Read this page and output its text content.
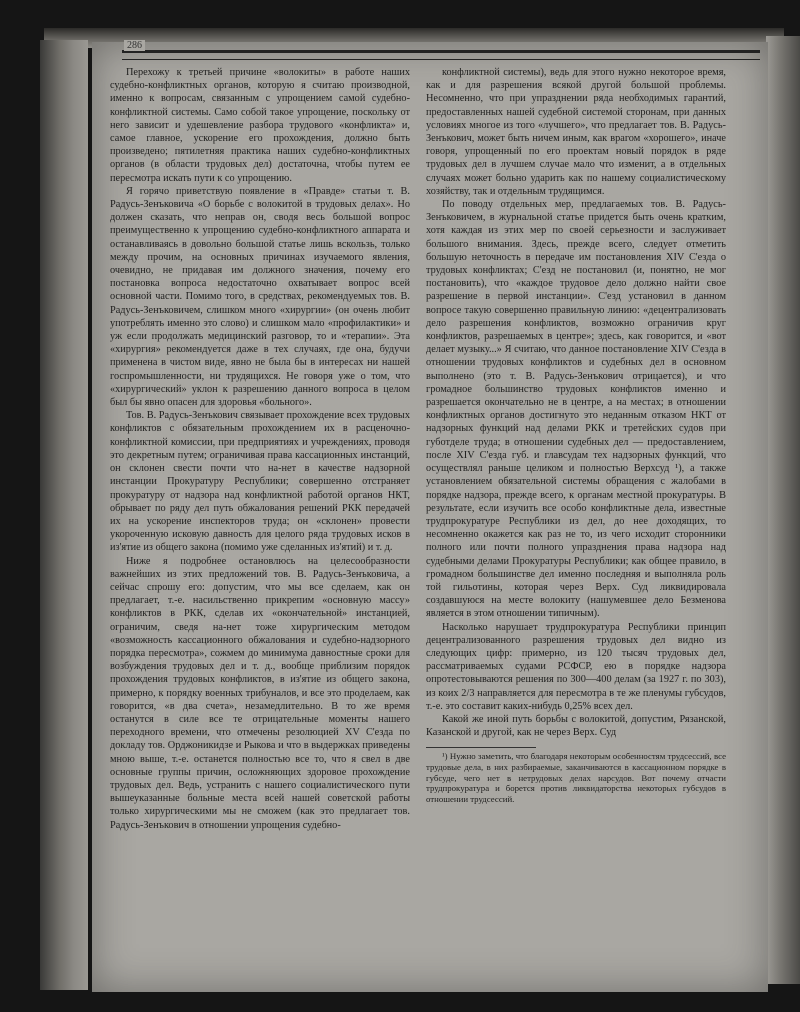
286

Перехожу к третьей причине «волокиты» в работе наших судебно-конфликтных органов, которую я считаю производной, именно к вопросам, связанным с упрощением самой судебно-конфликтной системы. Само собой такое упрощение, поскольку от него зависит и удешевление разбора трудового «конфликта» и, самое главное, ускорение его прохождения, должно быть произведено; пятилетняя практика наших судебно-конфликтных органов (в области трудовых дел) достаточна, чтобы путем ее пересмотра искать пути к со упрощению.

Я горячо приветствую появление в «Правде» статьи т. В. Радусь-Зенъковича «О борьбе с волокитой в трудовых делах». Но должен сказать, что неправ он, сводя весь большой вопрос преимущественно к упрощению судебно-конфликтного аппарата и останавливаясь в довольно большой статье лишь вскользь, только между прочим, на основных причинах изучаемого явления, очевидно, не придавая им должного значения, почему его постановка вопроса недостаточно охватывает вопрос всей основной части. Помимо того, в средствах, рекомендуемых тов. В. Радусь-Зенъковичем, слишком много «хирургии» (он очень любит употреблять именно это слово) и слишком мало «профилактики» и уж если продолжать медицинский разговор, то и «терапии». Эта «хирургия» рекомендуется даже в тех случаях, где она, будучи применена в чистом виде, явно не была бы в интересах ни нашей госпромышленности, ни трудящихся. Не говоря уже о том, что «хирургический» уклон к разрешению данного вопроса в целом был бы явно опасен для здоровья «больного».

Тов. В. Радусь-Зенъкович связывает прохождение всех трудовых конфликтов с обязательным прохождением их в расценочно-конфликтной комиссии, при предприятиях и учреждениях, проводя это декретным путем; ограничивая права кассационных инстанций, он склонен свести почти что на-нет в качестве надзорной инстанции Прокуратуру Республики; совершенно отстраняет прокуратуру от надзора над конфликтной работой органов НКТ, обрывает по ряду дел путь обжалования решений РКК передачей их на ускорение инспекторов труда; он «склонен» провести укороченную исковую давность для целого ряда трудовых исков в из'ятие из общего закона (помимо уже сделанных из'ятий) и т. д.

Ниже я подробнее остановлюсь на целесообразности важнейших из этих предложений тов. В. Радусь-Зенъковича, а сейчас спрошу его: допустим, что мы все сделаем, как он предлагает, т.-е. насильственно прикрепим «основную массу» конфликтов в РКК, сделав их «окончательной» инстанцией, ограничим, сведя на-нет тоже хирургическим методом «возможность кассационного обжалования и судебно-надзорного порядка пересмотра», сожмем до минимума давностные сроки для возбуждения трудовых дел и т. д., вообще приблизим порядок прохождения трудовых конфликтов, в из'ятие из общего закона, примерно, к порядку военных трибуналов, и все это проделаем, как говорится, «в два счета», незамедлительно. В то же время останутся в силе все те отрицательные моменты нашего переходного времени, что отмечены резолюцией XV С'езда по докладу тов. Орджоникидзе и Рыкова и что в выдержках приведены мною выше, т.-е. останется полностью все то, что я свел в две основные группы причин, осложняющих здоровое прохождение трудовых дел. Ведь, устранить с нашего социалистического пути вышеуказанные больные места всей нашей советской работы только хирургическими мы не сможем (как это предлагает тов. Радусь-Зенъкович в отношении упрощения судебно-

конфликтной системы), ведь для этого нужно некоторое время, как и для разрешения всякой другой большой проблемы. Несомненно, что при упразднении ряда необходимых гарантий, предоставленных нашей судебной системой сторонам, при данных условиях многое из того «лучшего», что предлагает тов. В. Радусь-Зенъкович, может быть ничем иным, как врагом «хорошего», иначе говоря, упрощенный по его проектам новый порядок в ряде трудовых дел в лучшем случае мало что изменит, а в отдельных случаях может больно ударить как по нашему социалистическому хозяйству, так и отдельным трудящимся.

По поводу отдельных мер, предлагаемых тов. В. Радусь-Зенъковичем, в журнальной статье придется быть очень кратким, хотя каждая из этих мер по своей серьезности и заслуживает большого внимания. Здесь, прежде всего, следует отметить большую неточность в передаче им постановления XIV С'езда о трудовых конфликтах; С'езд не постановил (и, понятно, не мог постановить), что «каждое трудовое дело должно найти свое разрешение в первой инстанции». С'езд установил в данном вопросе такую совершенно правильную линию: «децентрализовать дело разрешения конфликтов, возможно ограничив круг конфликтов, разрешаемых в центре»; здесь, как говорится, и «вот делает музыку...» Я считаю, что данное постановление XIV С'езда в отношении трудовых конфликтов и судебных дел в основном выполнено (это т. В. Радусь-Зенъкович отрицается), и что громадное большинство трудовых конфликтов именно и разрешается окончательно не в центре, а на местах; в отношении конфликтных органов достигнуто это неданным отказом НКТ от надзорных функций над делами РКК и третейских судов при губотделе труда; в отношении судебных дел — предоставлением, после XIV С'езда губ. и главсудам тех надзорных функций, что осуществлял раньше целиком и полностью Верхсуд ¹), а также установлением обязательной системы обращения с жалобами в порядке надзора, прежде всего, к органам местной прокуратуры. В результате, если изучить все особо конфликтные дела, известные трудпрокуратуре Республики из дел, до нее доходящих, то несомненно окажется как раз не то, из чего исходит сторонники полного или почти полного упразднения права надзора над судебными делами Прокуратуры Республики; как общее правило, в громадном большинстве дел именно последняя и выполняла роль той гильотины, которая через Верх. Суд ликвидировала создавшуюся на месте волокиту (нашумевшее дело Безменова является в этом отношении типичным).

Насколько нарушает трудпрокуратура Республики принцип децентрализованного разрешения трудовых дел видно из следующих цифр: примерно, из 120 тысяч трудовых дел, рассматриваемых судами РСФСР, ею в порядке надзора опротестовываются решения по 300—400 делам (за 1927 г. по 303), из коих 2/3 направляется для пересмотра в те же пленумы губсудов, т.-е. это составит каких-нибудь 0,25% всех дел.

Какой же иной путь борьбы с волокитой, допустим, Рязанской, Казанской и другой, как не через Верх. Суд

¹) Нужно заметить, что благодаря некоторым особенностям трудсессий, все трудовые дела, в них разбираемые, заканчиваются в кассационном порядке в губсуде, чего нет в нетрудовых делах нарсудов. Вот почему отчасти трудпрокуратура и борется против ликвидаторства некоторых губсудов в отношении трудсессий.
